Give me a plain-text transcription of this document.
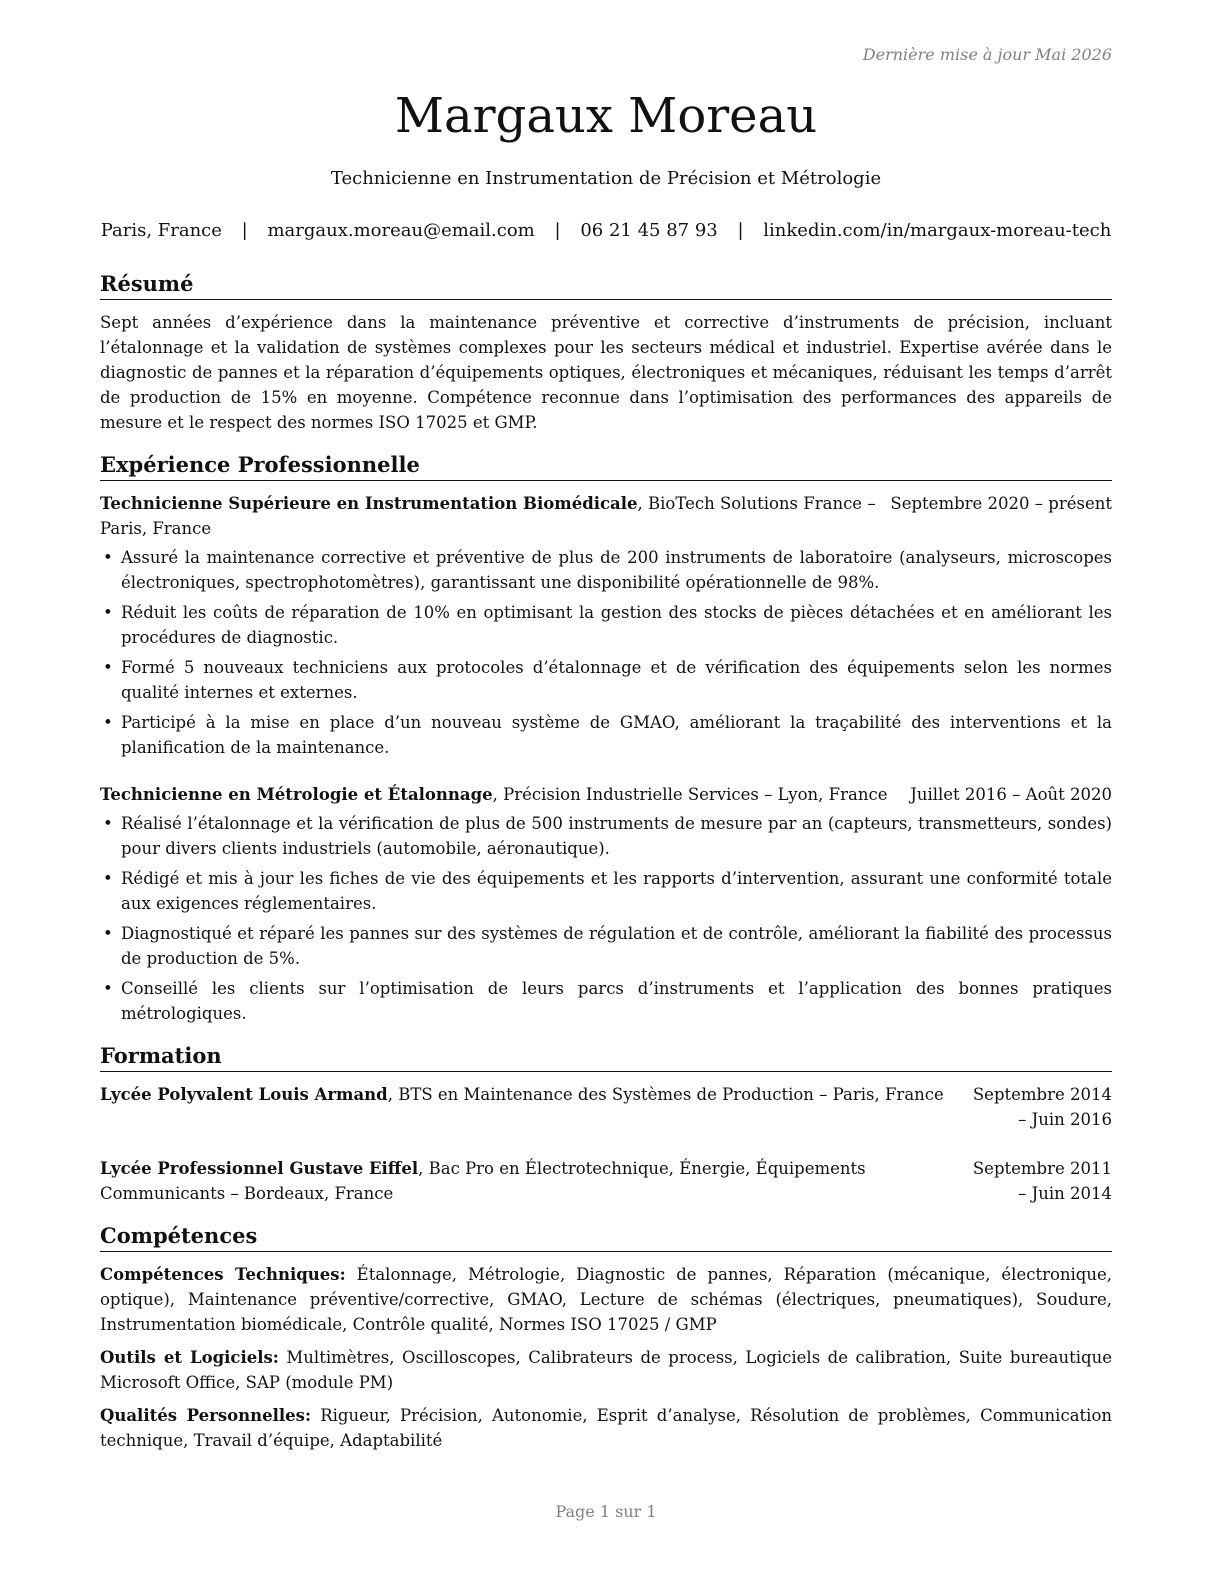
Dernière mise à jour Mai 2026
Margaux Moreau
Technicienne en Instrumentation de Précision et Métrologie
Paris, France | margaux.moreau@email.com | 06 21 45 87 93 | linkedin.com/in/margaux-moreau-tech
Résumé

Sept années d’expérience dans la maintenance préventive et corrective d’instruments de précision, incluant l’étalonnage et la validation de systèmes complexes pour les secteurs médical et industriel. Expertise avérée dans le diagnostic de pannes et la réparation d’équipements optiques, électroniques et mécaniques, réduisant les temps d’arrêt de production de 15% en moyenne. Compétence reconnue dans l’optimisation des performances des appareils de mesure et le respect des normes ISO 17025 et GMP.

Expérience Professionnelle
Technicienne Supérieure en Instrumentation Biomédicale, BioTech Solutions France – Paris, France
Septembre 2020 – présent
• Assuré la maintenance corrective et préventive de plus de 200 instruments de laboratoire (analyseurs, microscopes électroniques, spectrophotomètres), garantissant une disponibilité opérationnelle de 98%.
• Réduit les coûts de réparation de 10% en optimisant la gestion des stocks de pièces détachées et en améliorant les procédures de diagnostic.
• Formé 5 nouveaux techniciens aux protocoles d’étalonnage et de vérification des équipements selon les normes qualité internes et externes.
• Participé à la mise en place d’un nouveau système de GMAO, améliorant la traçabilité des interventions et la planification de la maintenance.
Technicienne en Métrologie et Étalonnage, Précision Industrielle Services – Lyon, France	Juillet 2016 – Août 2020
• Réalisé l’étalonnage et la vérification de plus de 500 instruments de mesure par an (capteurs, transmetteurs, sondes) pour divers clients industriels (automobile, aéronautique).
• Rédigé et mis à jour les fiches de vie des équipements et les rapports d’intervention, assurant une conformité totale aux exigences réglementaires.
• Diagnostiqué et réparé les pannes sur des systèmes de régulation et de contrôle, améliorant la fiabilité des processus de production de 5%.
• Conseillé les clients sur l’optimisation de leurs parcs d’instruments et l’application des bonnes pratiques métrologiques.
Formation
Lycée Polyvalent Louis Armand, BTS en Maintenance des Systèmes de Production – Paris, France	Septembre 2014 – Juin 2016
Lycée Professionnel Gustave Eiffel, Bac Pro en Électrotechnique, Énergie, Équipements Communicants – Bordeaux, France
Septembre 2011 – Juin 2014
Compétences
Compétences Techniques: Étalonnage, Métrologie, Diagnostic de pannes, Réparation (mécanique, électronique, optique), Maintenance préventive/corrective, GMAO, Lecture de schémas (électriques, pneumatiques), Soudure, Instrumentation biomédicale, Contrôle qualité, Normes ISO 17025 / GMP
Outils et Logiciels: Multimètres, Oscilloscopes, Calibrateurs de process, Logiciels de calibration, Suite bureautique Microsoft Office, SAP (module PM)
Qualités Personnelles: Rigueur, Précision, Autonomie, Esprit d’analyse, Résolution de problèmes, Communication technique, Travail d’équipe, Adaptabilité
Page 1 sur 1
